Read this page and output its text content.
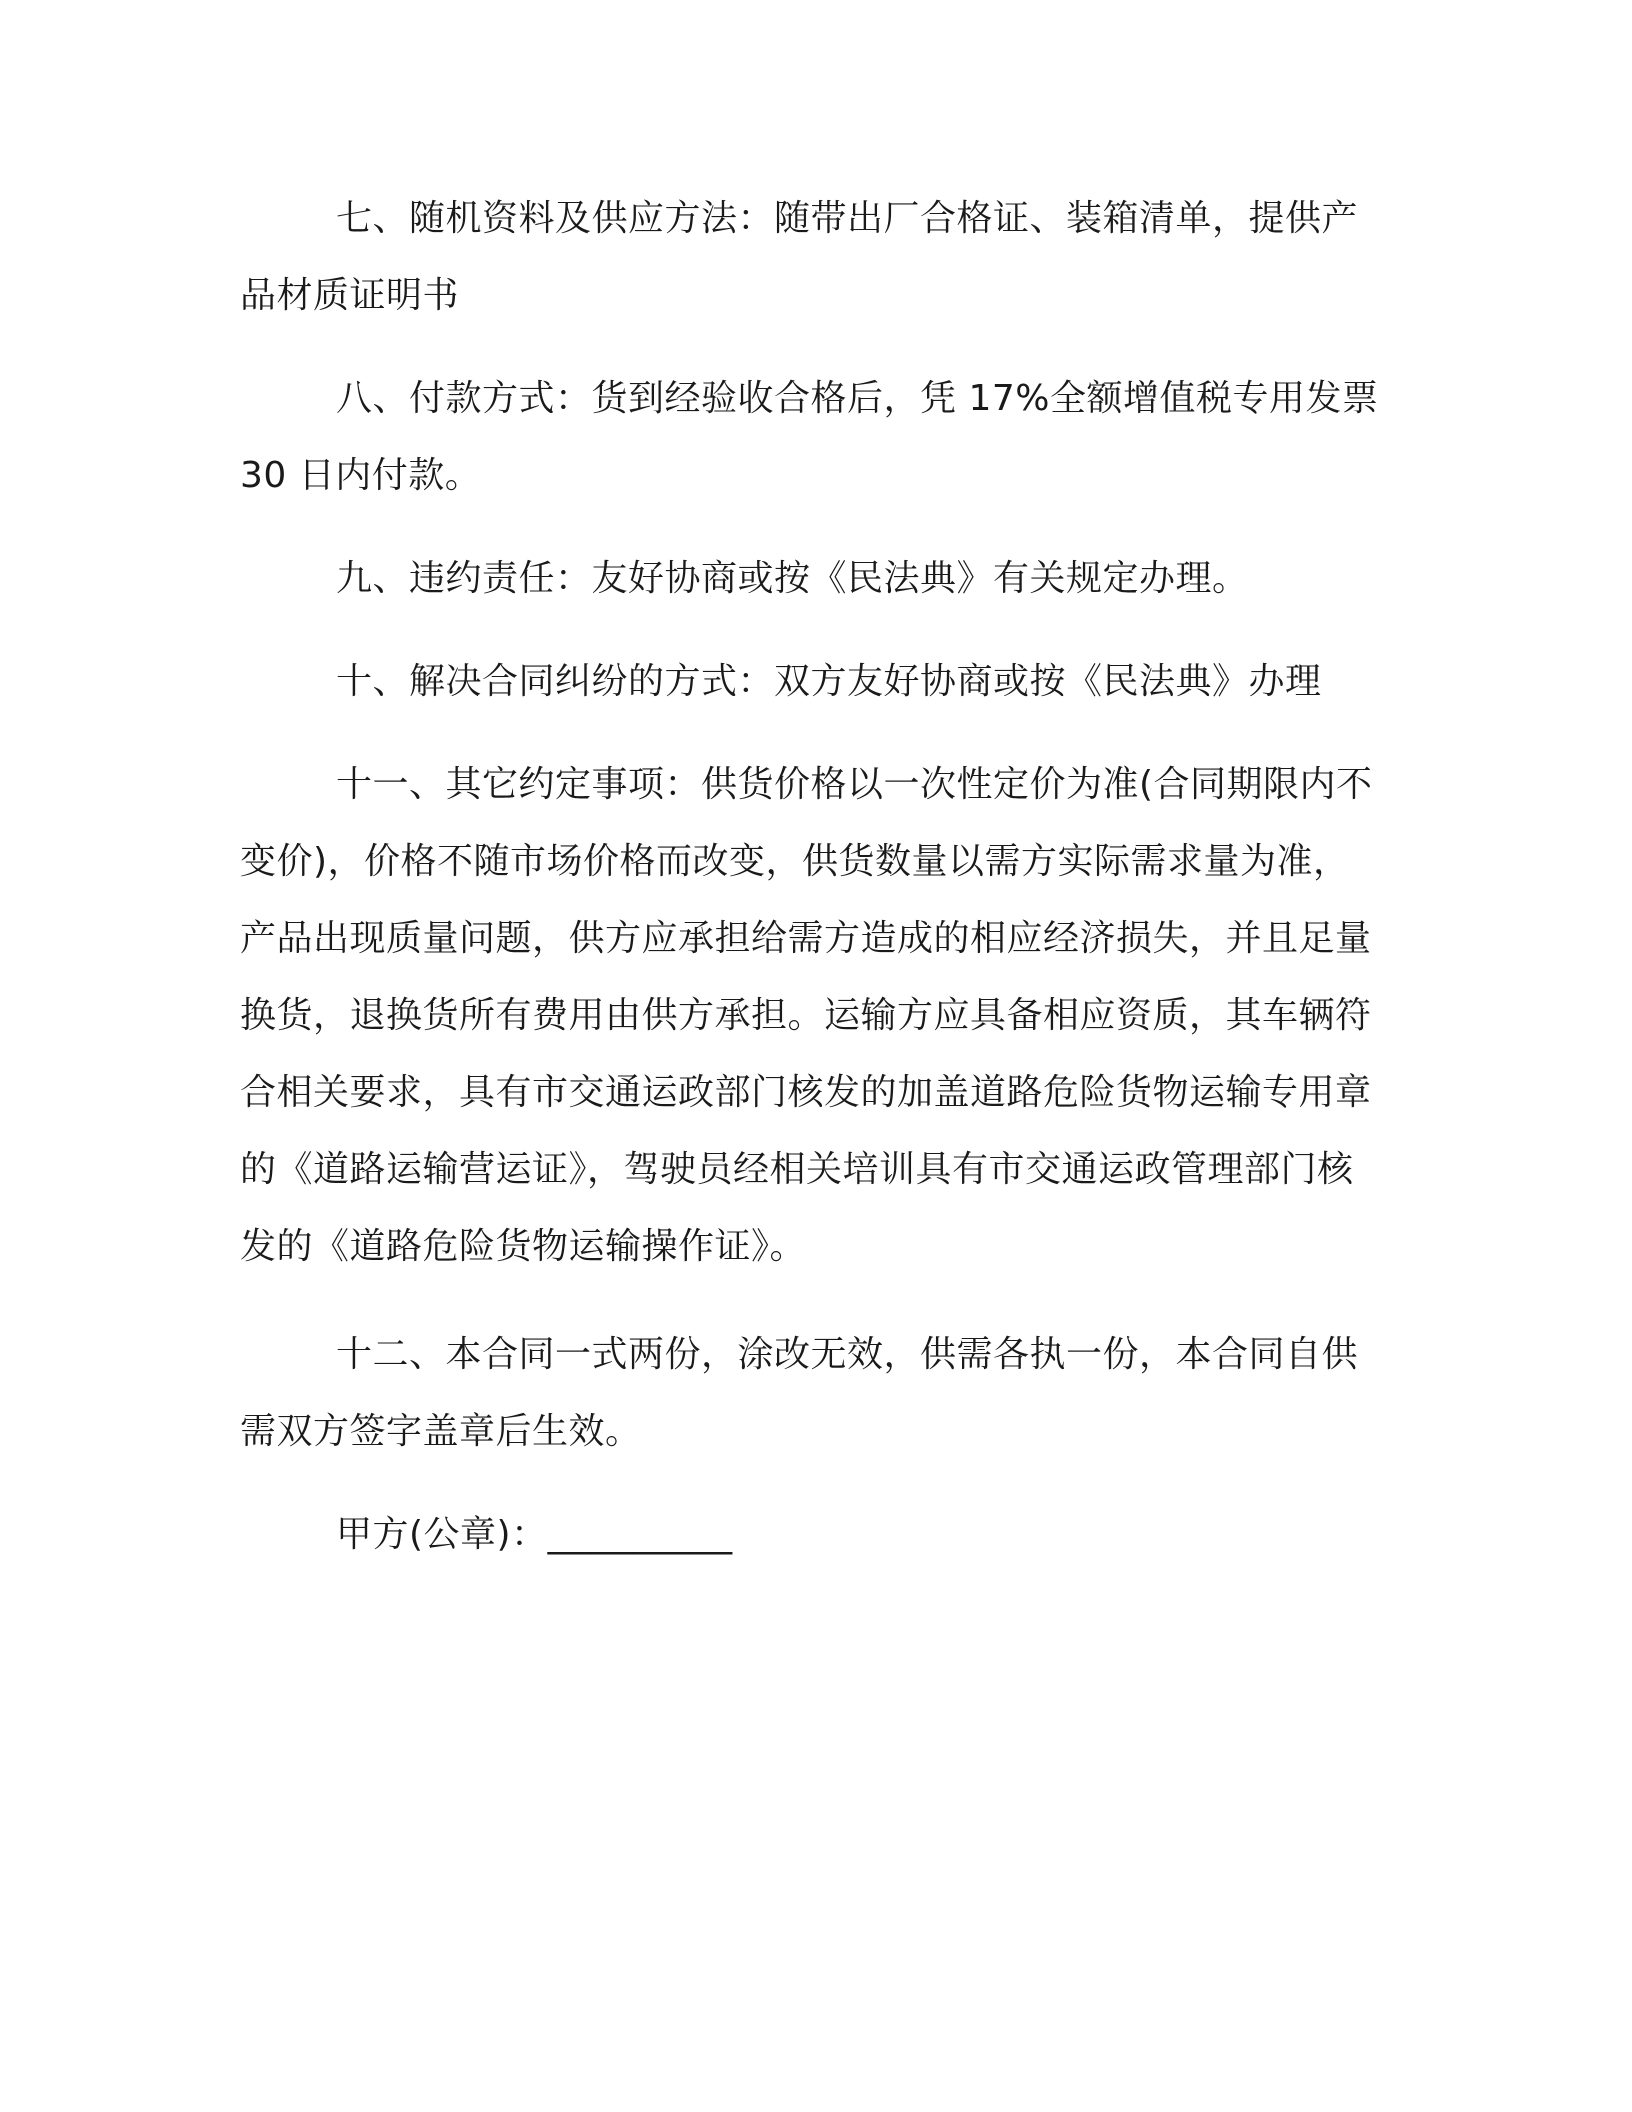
七、随机资料及供应方法：随带出厂合格证、装箱清单，提供产品材质证明书

八、付款方式：货到经验收合格后，凭 17%全额增值税专用发票 30 日内付款。

九、违约责任：友好协商或按《民法典》有关规定办理。

十、解决合同纠纷的方式：双方友好协商或按《民法典》办理

十一、其它约定事项：供货价格以一次性定价为准(合同期限内不变价)，价格不随市场价格而改变，供货数量以需方实际需求量为准，产品出现质量问题，供方应承担给需方造成的相应经济损失，并且足量换货，退换货所有费用由供方承担。运输方应具备相应资质，其车辆符合相关要求，具有市交通运政部门核发的加盖道路危险货物运输专用章的《道路运输营运证》，驾驶员经相关培训具有市交通运政管理部门核发的《道路危险货物运输操作证》。

十二、本合同一式两份，涂改无效，供需各执一份，本合同自供需双方签字盖章后生效。

甲方(公章)：__________
